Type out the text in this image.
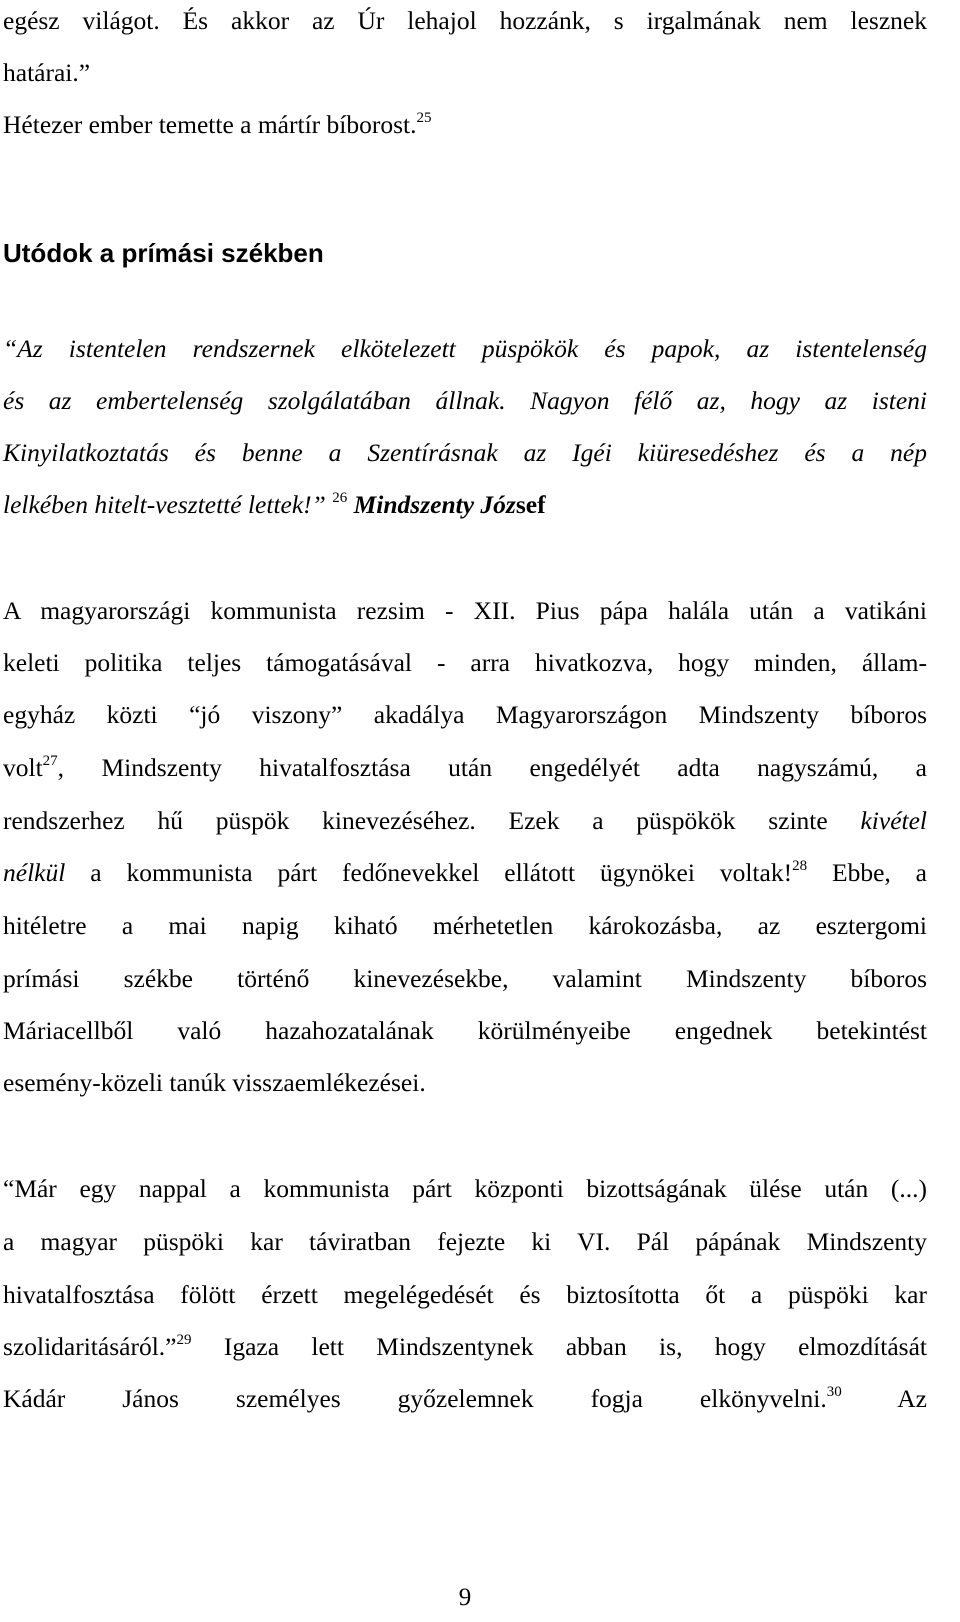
egész világot. És akkor az Úr lehajol hozzánk, s irgalmának nem lesznek
határai.”
Hétezer ember temette a mártír bíborost.$^{25}$
Utódok a prímási székben
“Az istentelen rendszernek elkötelezett püspökök és papok, az istentelenség
és az embertelenség szolgálatában állnak. Nagyon félő az, hogy az isteni
Kinyilatkoztatás és benne a Szentírásnak az Igéi kiüresedéshez és a nép
lelkében hitelt-vesztetté lettek!” $^{26}$ Mindszenty József
A magyarországi kommunista rezsim - XII. Pius pápa halála után a vatikáni
keleti politika teljes támogatásával - arra hivatkozva, hogy minden, állam-
egyház közti “jó viszony” akadálya Magyarországon Mindszenty bíboros
volt$^{27}$, Mindszenty hivatalfosztása után engedélyét adta nagyszámú, a
rendszerhez hű püspök kinevezéséhez. Ezek a püspökök szinte kivétel
nélkül a kommunista párt fedőnevekkel ellátott ügynökei voltak!$^{28}$ Ebbe, a
hitéletre a mai napig kiható mérhetetlen károkozásba, az esztergomi
prímási székbe történő kinevezésekbe, valamint Mindszenty bíboros
Máriacellből való hazahozatalának körülményeibe engednek betekintést
esemény-közeli tanúk visszaemlékezései.
“Már egy nappal a kommunista párt központi bizottságának ülése után (...)
a magyar püspöki kar táviratban fejezte ki VI. Pál pápának Mindszenty
hivatalfosztása fölött érzett megelégedését és biztosította őt a püspöki kar
szolidaritásáról.”$^{29}$ Igaza lett Mindszentynek abban is, hogy elmozdítását
Kádár János személyes győzelemnek fogja elkönyvelni.$^{30}$ Az
9
